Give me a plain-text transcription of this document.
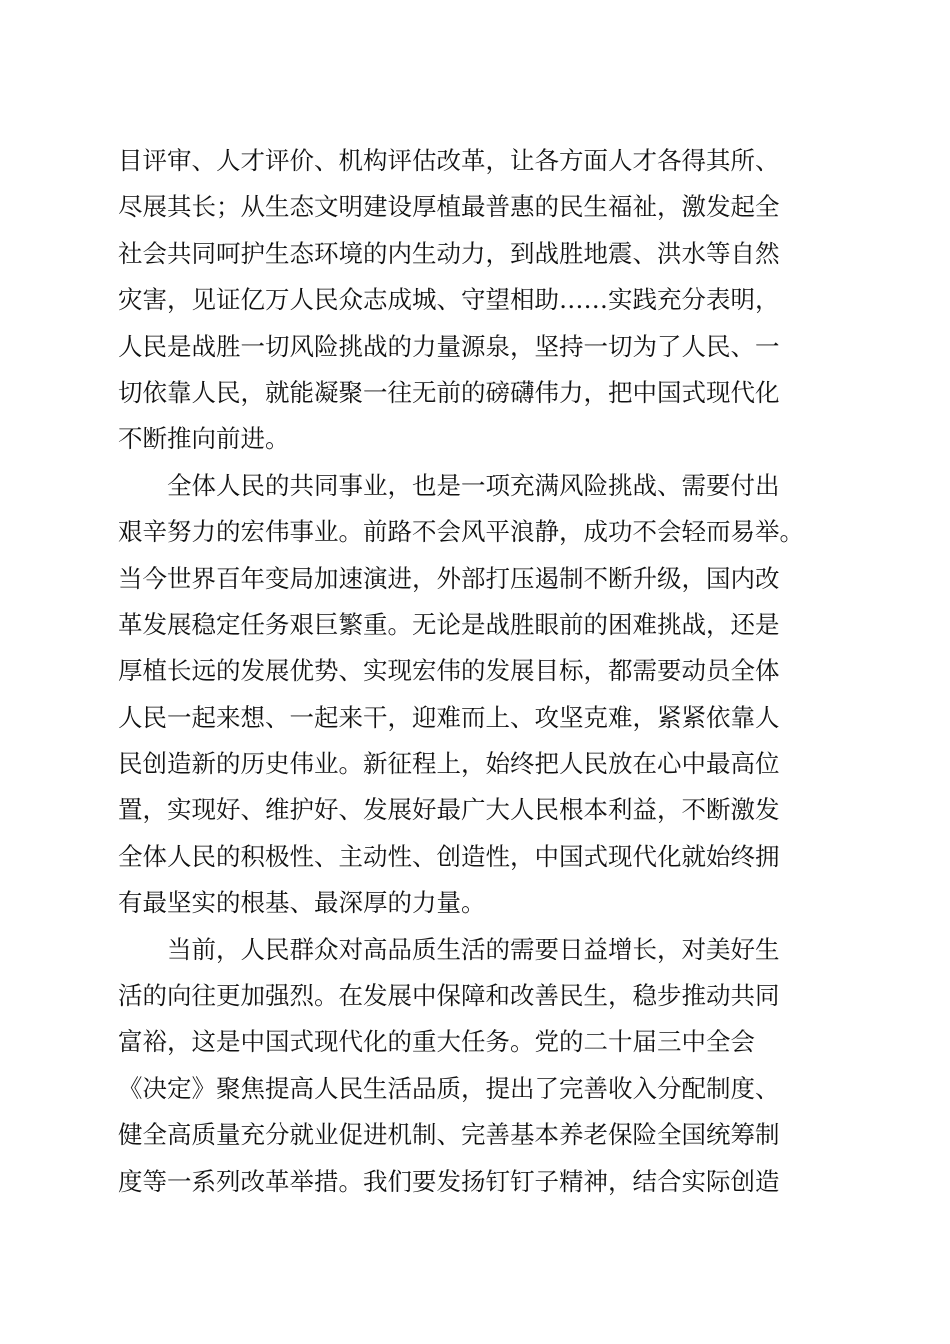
目评审、人才评价、机构评估改革，让各方面人才各得其所、
尽展其长；从生态文明建设厚植最普惠的民生福祉，激发起全
社会共同呵护生态环境的内生动力，到战胜地震、洪水等自然
灾害，见证亿万人民众志成城、守望相助……实践充分表明，
人民是战胜一切风险挑战的力量源泉，坚持一切为了人民、一
切依靠人民，就能凝聚一往无前的磅礴伟力，把中国式现代化
不断推向前进。
全体人民的共同事业，也是一项充满风险挑战、需要付出
艰辛努力的宏伟事业。前路不会风平浪静，成功不会轻而易举。
当今世界百年变局加速演进，外部打压遏制不断升级，国内改
革发展稳定任务艰巨繁重。无论是战胜眼前的困难挑战，还是
厚植长远的发展优势、实现宏伟的发展目标，都需要动员全体
人民一起来想、一起来干，迎难而上、攻坚克难，紧紧依靠人
民创造新的历史伟业。新征程上，始终把人民放在心中最高位
置，实现好、维护好、发展好最广大人民根本利益，不断激发
全体人民的积极性、主动性、创造性，中国式现代化就始终拥
有最坚实的根基、最深厚的力量。
当前，人民群众对高品质生活的需要日益增长，对美好生
活的向往更加强烈。在发展中保障和改善民生，稳步推动共同
富裕，这是中国式现代化的重大任务。党的二十届三中全会
《决定》聚焦提高人民生活品质，提出了完善收入分配制度、
健全高质量充分就业促进机制、完善基本养老保险全国统筹制
度等一系列改革举措。我们要发扬钉钉子精神，结合实际创造
